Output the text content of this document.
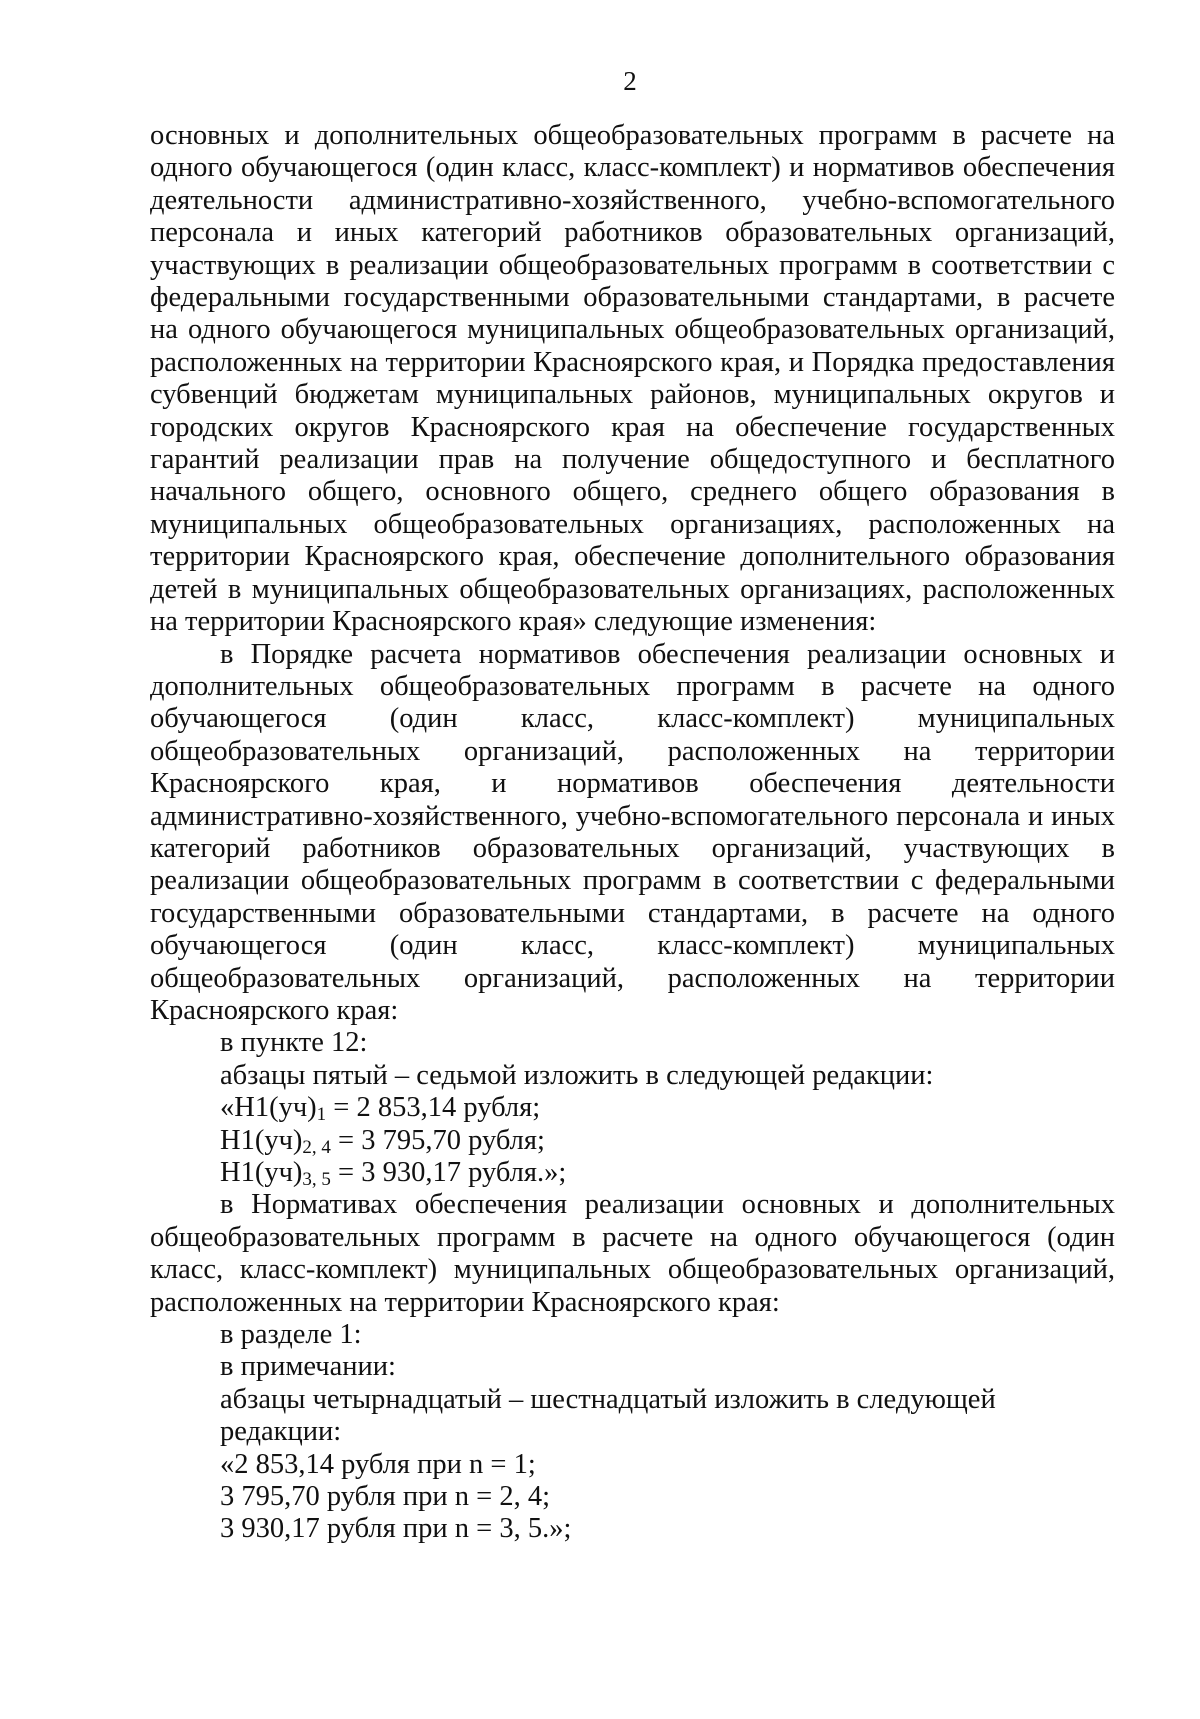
2

основных и дополнительных общеобразовательных программ в расчете на одного обучающегося (один класс, класс-комплект) и нормативов обеспечения деятельности административно-хозяйственного, учебно-вспомогательного персонала и иных категорий работников образовательных организаций, участвующих в реализации общеобразовательных программ в соответствии с федеральными государственными образовательными стандартами, в расчете на одного обучающегося муниципальных общеобразовательных организаций, расположенных на территории Красноярского края, и Порядка предоставления субвенций бюджетам муниципальных районов, муниципальных округов и городских округов Красноярского края на обеспечение государственных гарантий реализации прав на получение общедоступного и бесплатного начального общего, основного общего, среднего общего образования в муниципальных общеобразовательных организациях, расположенных на территории Красноярского края, обеспечение дополнительного образования детей в муниципальных общеобразовательных организациях, расположенных на территории Красноярского края» следующие изменения:

в Порядке расчета нормативов обеспечения реализации основных и дополнительных общеобразовательных программ в расчете на одного обучающегося (один класс, класс-комплект) муниципальных общеобразовательных организаций, расположенных на территории Красноярского края, и нормативов обеспечения деятельности административно-хозяйственного, учебно-вспомогательного персонала и иных категорий работников образовательных организаций, участвующих в реализации общеобразовательных программ в соответствии с федеральными государственными образовательными стандартами, в расчете на одного обучающегося (один класс, класс-комплект) муниципальных общеобразовательных организаций, расположенных на территории Красноярского края:

в пункте 12:

абзацы пятый – седьмой изложить в следующей редакции:

«$Н1(уч)_1 = 2$ 853,14 рубля;

$Н1(уч)_{2, 4} = 3$ 795,70 рубля;

$Н1(уч)_{3, 5} = 3$ 930,17 рубля.»;

в Нормативах обеспечения реализации основных и дополнительных общеобразовательных программ в расчете на одного обучающегося (один класс, класс-комплект) муниципальных общеобразовательных организаций, расположенных на территории Красноярского края:

в разделе 1:

в примечании:

абзацы четырнадцатый – шестнадцатый изложить в следующей редакции:

«2 853,14 рубля при n = 1;

3 795,70 рубля при n = 2, 4;

3 930,17 рубля при n = 3, 5.»;
